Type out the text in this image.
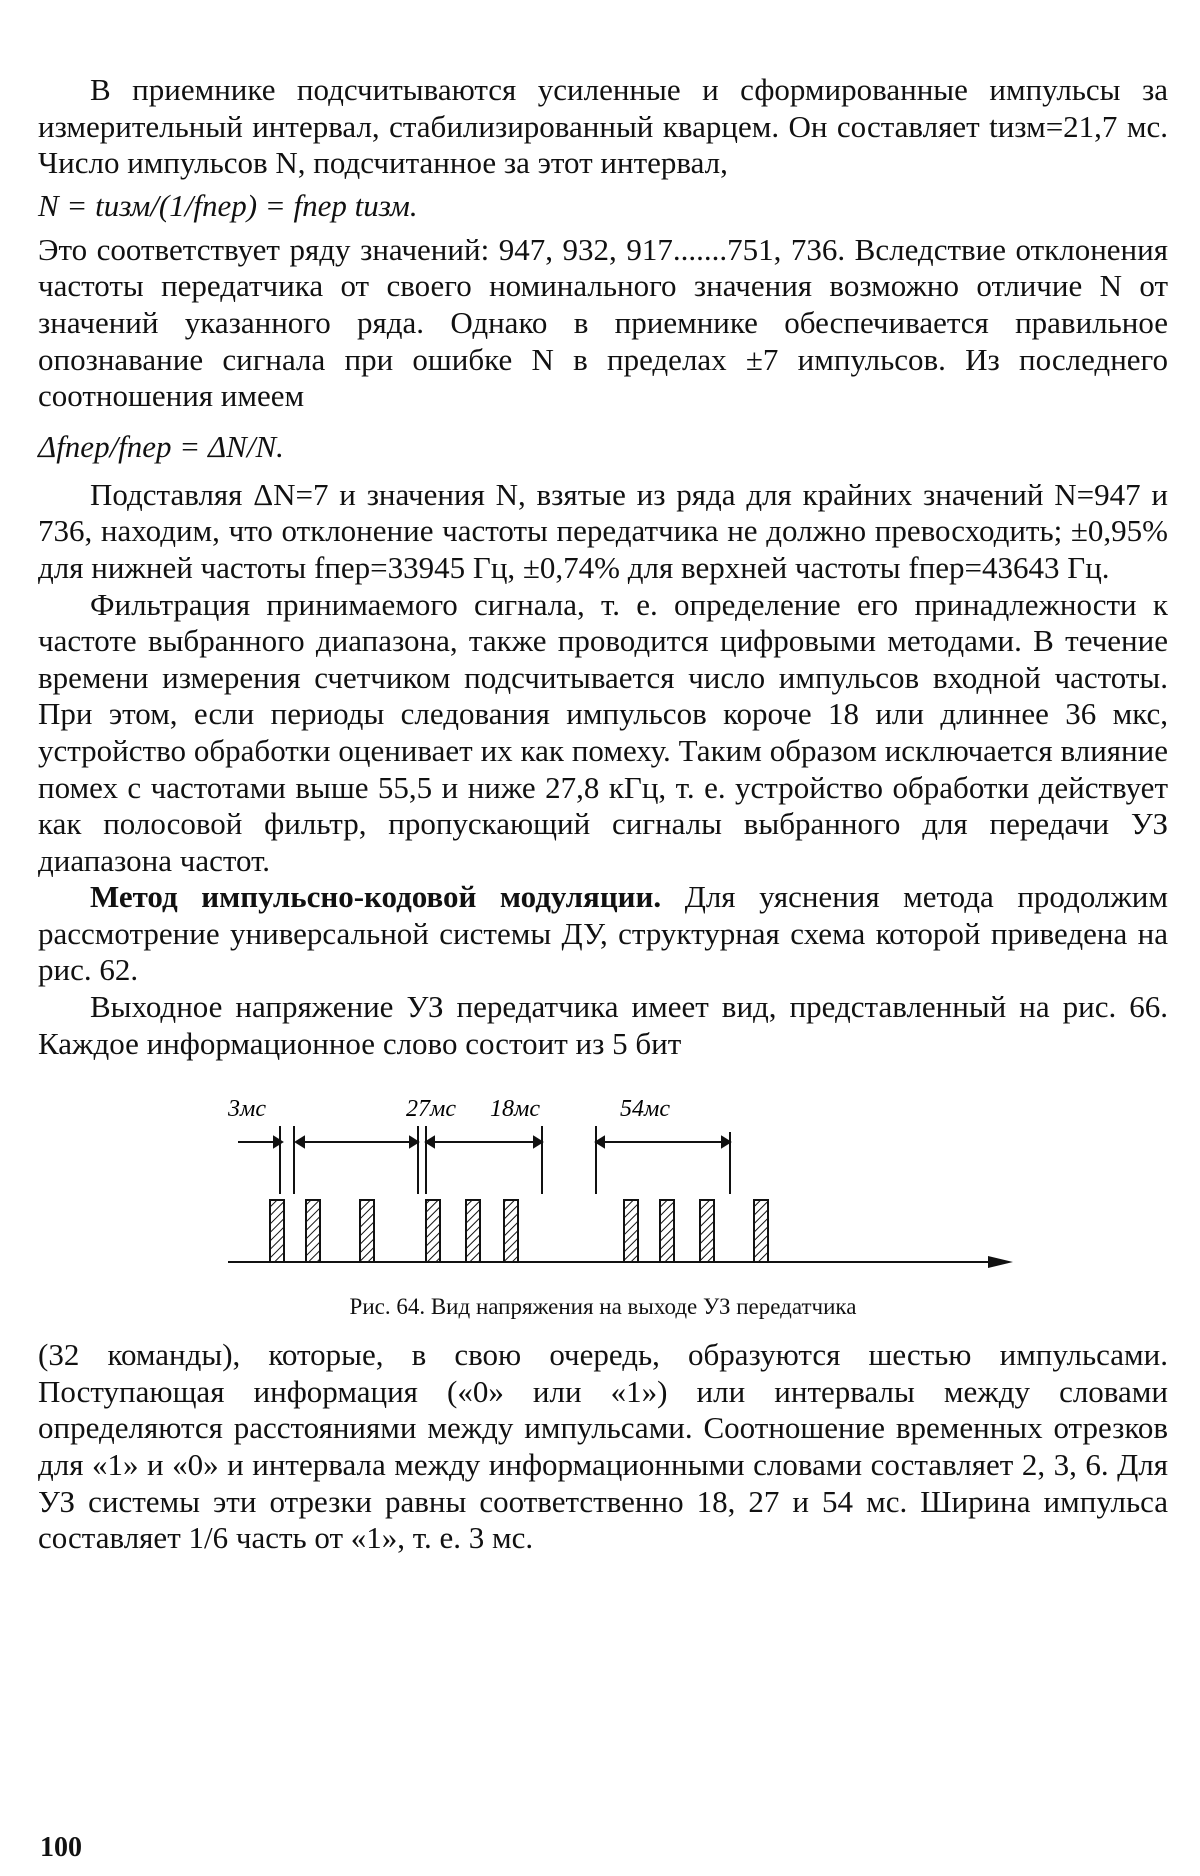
В приемнике подсчитываются усиленные и сформированные импульсы за измерительный интервал, стабилизированный кварцем. Он составляет tизм=21,7 мс. Число импульсов N, подсчитанное за этот интервал,

N = tизм/(1/fпер) = fпер tизм.

Это соответствует ряду значений: 947, 932, 917.......751, 736. Вследствие отклонения частоты передатчика от своего номинального значения возможно отличие N от значений указанного ряда. Однако в приемнике обеспечивается правильное опознавание сигнала при ошибке N в пределах ±7 импульсов. Из последнего соотношения имеем

Δfпер/fпер = ΔN/N.

Подставляя ΔN=7 и значения N, взятые из ряда для крайних значений N=947 и 736, находим, что отклонение частоты передатчика не должно превосходить; ±0,95% для нижней частоты fпер=33945 Гц, ±0,74% для верхней частоты fпер=43643 Гц.

Фильтрация принимаемого сигнала, т. е. определение его принадлежности к частоте выбранного диапазона, также проводится цифровыми методами. В течение времени измерения счетчиком подсчитывается число импульсов входной частоты. При этом, если периоды следования импульсов короче 18 или длиннее 36 мкс, устройство обработки оценивает их как помеху. Таким образом исключается влияние помех с частотами выше 55,5 и ниже 27,8 кГц, т. е. устройство обработки действует как полосовой фильтр, пропускающий сигналы выбранного для передачи УЗ диапазона частот.

Метод импульсно-кодовой модуляции. Для уяснения метода продолжим рассмотрение универсальной системы ДУ, структурная схема которой приведена на рис. 62.

Выходное напряжение УЗ передатчика имеет вид, представленный на рис. 66. Каждое информационное слово состоит из 5 бит

3мс	27мс 18мс	54мс

Рис. 64. Вид напряжения на выходе УЗ передатчика

(32 команды), которые, в свою очередь, образуются шестью импульсами. Поступающая информация («0» или «1») или интервалы между словами определяются расстояниями между импульсами. Соотношение временных отрезков для «1» и «0» и интервала между информационными словами составляет 2, 3, 6. Для УЗ системы эти отрезки равны соответственно 18, 27 и 54 мс. Ширина импульса составляет 1/6 часть от «1», т. е. 3 мс.

100
